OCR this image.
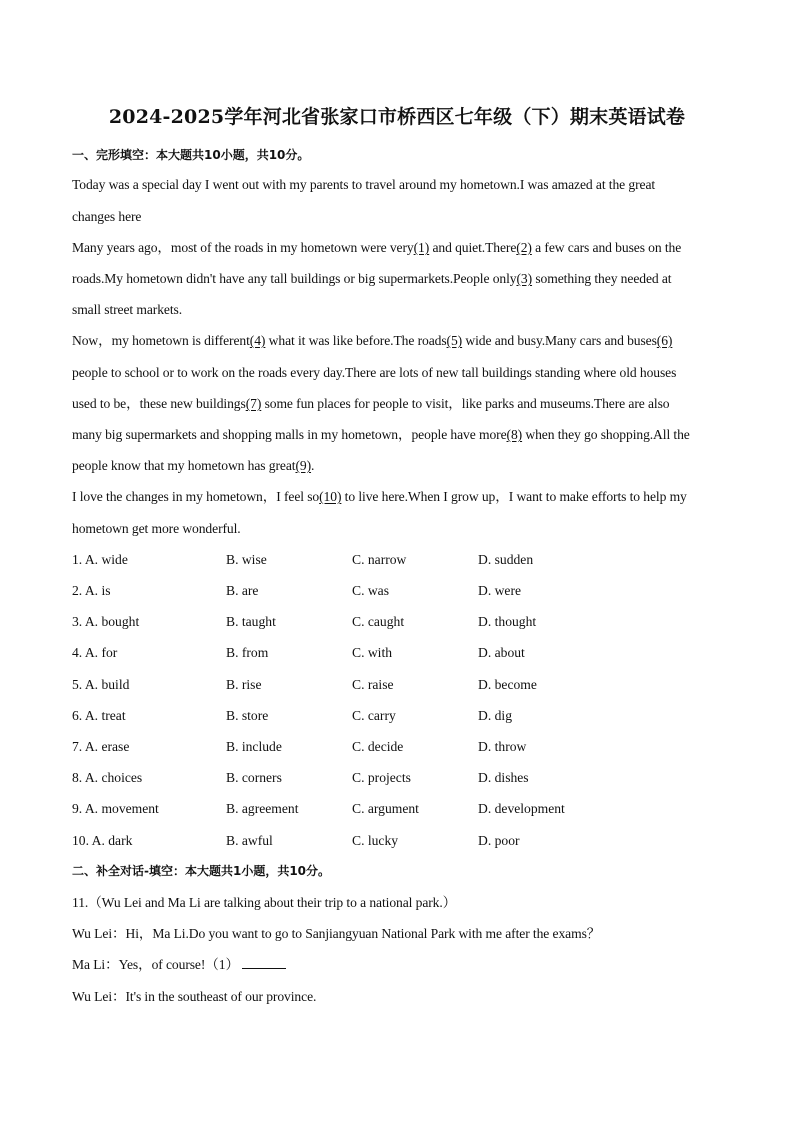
2024-2025学年河北省张家口市桥西区七年级（下）期末英语试卷
一、完形填空：本大题共10小题，共10分。
Today was a special day I went out with my parents to travel around my hometown.I was amazed at the great
changes here
Many years ago，most of the roads in my hometown were very(1) and quiet.There(2) a few cars and buses on the
roads.My hometown didn't have any tall buildings or big supermarkets.People only(3) something they needed at
small street markets.
Now，my hometown is different(4) what it was like before.The roads(5) wide and busy.Many cars and buses(6)
people to school or to work on the roads every day.There are lots of new tall buildings standing where old houses
used to be，these new buildings(7) some fun places for people to visit，like parks and museums.There are also
many big supermarkets and shopping malls in my hometown，people have more(8) when they go shopping.All the
people know that my hometown has great(9).
I love the changes in my hometown，I feel so(10) to live here.When I grow up，I want to make efforts to help my
hometown get more wonderful.
1. A. wide	B. wise	C. narrow	D. sudden
2. A. is	B. are	C. was	D. were
3. A. bought	B. taught	C. caught	D. thought
4. A. for	B. from	C. with	D. about
5. A. build	B. rise	C. raise	D. become
6. A. treat	B. store	C. carry	D. dig
7. A. erase	B. include	C. decide	D. throw
8. A. choices	B. corners	C. projects	D. dishes
9. A. movement	B. agreement	C. argument	D. development
10. A. dark	B. awful	C. lucky	D. poor
二、补全对话-填空：本大题共1小题，共10分。
11.（Wu Lei and Ma Li are talking about their trip to a national park.）
Wu Lei：Hi，Ma Li.Do you want to go to Sanjiangyuan National Park with me after the exams？
Ma Li：Yes，of course!（1）
Wu Lei：It's in the southeast of our province.
